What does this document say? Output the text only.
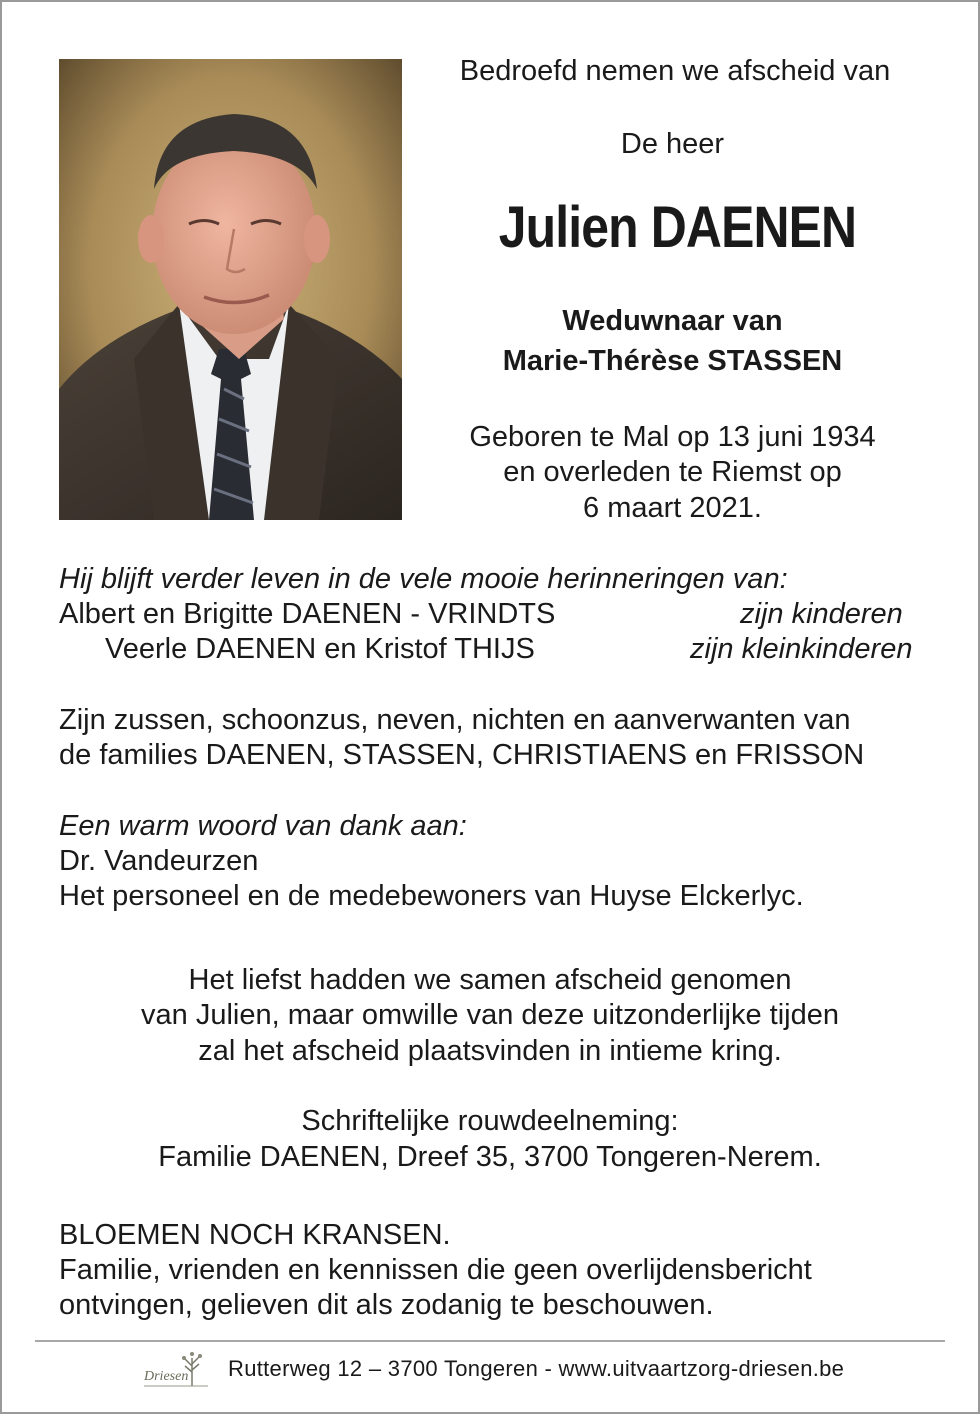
Bedroefd nemen we afscheid van
De heer
Julien DAENEN
Weduwnaar van
Marie-Thérèse STASSEN
Geboren te Mal op 13 juni 1934
en overleden te Riemst op
6 maart 2021.
Hij blijft verder leven in de vele mooie herinneringen van:
Albert en Brigitte DAENEN - VRINDTS	zijn kinderen
Veerle DAENEN en Kristof THIJS	zijn kleinkinderen
Zijn zussen, schoonzus, neven, nichten en aanverwanten van
de families DAENEN, STASSEN, CHRISTIAENS en FRISSON
Een warm woord van dank aan:
Dr. Vandeurzen
Het personeel en de medebewoners van Huyse Elckerlyc.
Het liefst hadden we samen afscheid genomen
van Julien, maar omwille van deze uitzonderlijke tijden
zal het afscheid plaatsvinden in intieme kring.
Schriftelijke rouwdeelneming:
Familie DAENEN, Dreef 35, 3700 Tongeren-Nerem.
BLOEMEN NOCH KRANSEN.
Familie, vrienden en kennissen die geen overlijdensbericht
ontvingen, gelieven dit als zodanig te beschouwen.
Driesen Rutterweg 12 – 3700 Tongeren - www.uitvaartzorg-driesen.be
